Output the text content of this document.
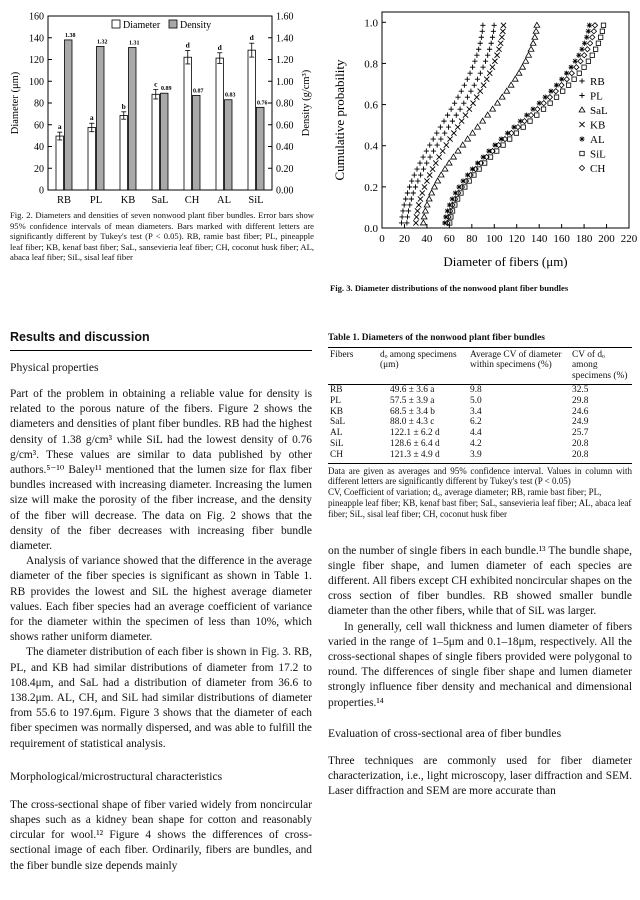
0
20
40
60
80
100
120
140
160
0.00
0.20
0.40
0.60
0.80
1.00
1.20
1.40
1.60
Diameter (μm)	Density (g/cm³)
a
1.38
RB
a
1.32
PL
b
1.31
KB
c
0.89
SaL
d
0.87
CH
d
0.83
AL
d
0.76
SiL
Diameter Density

Fig. 2. Diameters and densities of seven nonwood plant fiber bundles. Error bars show 95% confidence intervals of mean diameters. Bars marked with different letters are significantly different by Tukey's test (P < 0.05). RB, ramie bast fiber; PL, pineapple leaf fiber; KB, kenaf bast fiber; SaL, sansevieria leaf fiber; CH, coconut husk fiber; AL, abaca leaf fiber; SiL, sisal leaf fiber

0 20 40 60 80 100 120 140 160 180 200 220
0.0
0.2
0.4
0.6
0.8
1.0
Diameter of fibers (μm)
Cumulative probability	RB
PL
SaL
KB
AL
SiL
CH

Fig. 3. Diameter distributions of the nonwood plant fiber bundles

Results and discussion

Physical properties

Part of the problem in obtaining a reliable value for density is related to the porous nature of the fibers. Figure 2 shows the diameters and densities of plant fiber bundles. RB had the highest density of 1.38 g/cm³ while SiL had the lowest density of 0.76 g/cm³. These values are similar to data published by other authors.⁵⁻¹⁰ Baley¹¹ mentioned that the lumen size for flax fiber bundles increased with increasing diameter. Increasing the lumen size will make the porosity of the fiber increase, and the density of the fiber will decrease. The data on Fig. 2 shows that the density of the fiber decreases with increasing fiber bundle diameter.

Analysis of variance showed that the difference in the average diameter of the fiber species is significant as shown in Table 1. RB provides the lowest and SiL the highest average diameter values. Each fiber species had an average coefficient of variance for the diameter within the specimen of less than 10%, which shows rather uniform diameter.

The diameter distribution of each fiber is shown in Fig. 3. RB, PL, and KB had similar distributions of diameter from 17.2 to 108.4μm, and SaL had a distribution of diameter from 36.6 to 138.2μm. AL, CH, and SiL had similar distributions of diameter from 55.6 to 197.6μm. Figure 3 shows that the diameter of each fiber specimen was normally dispersed, and was able to fulfill the requirement of statistical analysis.

Morphological/microstructural characteristics

The cross-sectional shape of fiber varied widely from noncircular shapes such as a kidney bean shape for cotton and reasonably circular for wool.¹² Figure 4 shows the differences of cross-sectional image of each fiber. Ordinarily, fibers are bundles, and the fiber bundle size depends mainly

Table 1. Diameters of the nonwood plant fiber bundles

Fibers	dₒ among specimens (μm)	Average CV of diameter within specimens (%)	CV of dₒ among specimens (%)
RB	49.6 ± 3.6 a	9.8	32.5
PL	57.5 ± 3.9 a	5.0	29.8
KB	68.5 ± 3.4 b	3.4	24.6
SaL	88.0 ± 4.3 c	6.2	24.9
AL	122.1 ± 6.2 d	4.4	25.7
SiL	128.6 ± 6.4 d	4.2	20.8
CH	121.3 ± 4.9 d	3.9	20.8

Data are given as averages and 95% confidence interval. Values in column with different letters are significantly different by Tukey's test (P < 0.05)

CV, Coefficient of variation; dₒ, average diameter; RB, ramie bast fiber; PL, pineapple leaf fiber; KB, kenaf bast fiber; SaL, sansevieria leaf fiber; AL, abaca leaf fiber; SiL, sisal leaf fiber; CH, coconut husk fiber

on the number of single fibers in each bundle.¹³ The bundle shape, single fiber shape, and lumen diameter of each species are different. All fibers except CH exhibited noncircular shapes on the cross section of fiber bundles. RB showed smaller bundle diameter than the other fibers, while that of SiL was larger.

In generally, cell wall thickness and lumen diameter of fibers varied in the range of 1–5μm and 0.1–18μm, respectively. All the cross-sectional shapes of single fibers provided were polygonal to round. The differences of single fiber shape and lumen diameter strongly influence fiber density and mechanical and dimensional properties.¹⁴

Evaluation of cross-sectional area of fiber bundles

Three techniques are commonly used for fiber diameter characterization, i.e., light microscopy, laser diffraction and SEM. Laser diffraction and SEM are more accurate than
